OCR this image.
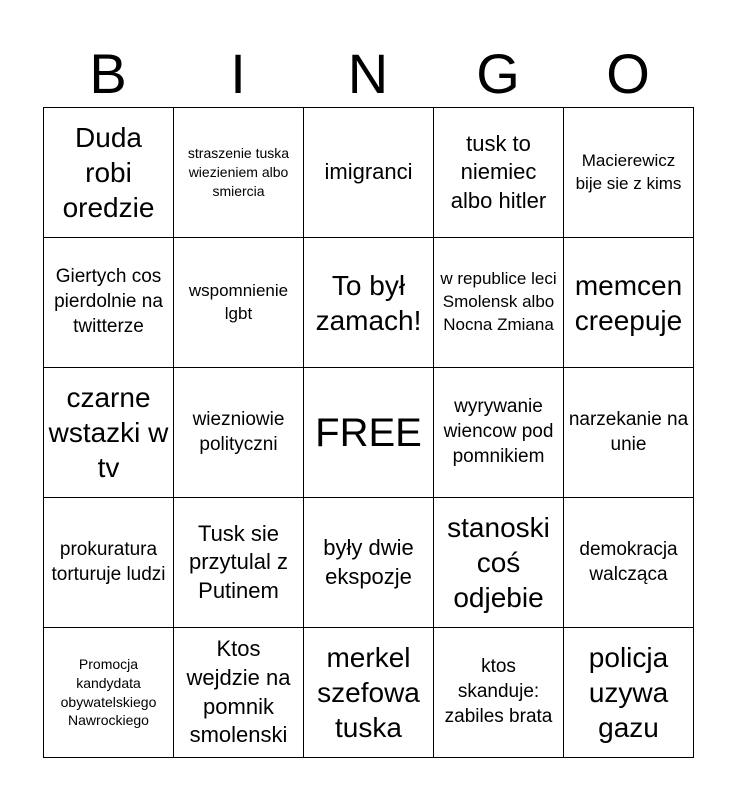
B	I	N	G	O
Duda robi oredzie	straszenie tuska wiezieniem albo smiercia	imigranci	tusk to niemiec albo hitler	Macierewicz bije sie z kims
Giertych cos pierdolnie na twitterze	wspomnienie lgbt	To był zamach!	w republice leci Smolensk albo Nocna Zmiana	memcen creepuje
czarne wstazki w tv	wiezniowie polityczni	FREE	wyrywanie wiencow pod pomnikiem	narzekanie na unie
prokuratura torturuje ludzi	Tusk sie przytulal z Putinem	były dwie ekspozje	stanoski coś odjebie	demokracja walcząca
Promocja kandydata obywatelskiego Nawrockiego	Ktos wejdzie na pomnik smolenski	merkel szefowa tuska	ktos skanduje: zabiles brata	policja uzywa gazu
